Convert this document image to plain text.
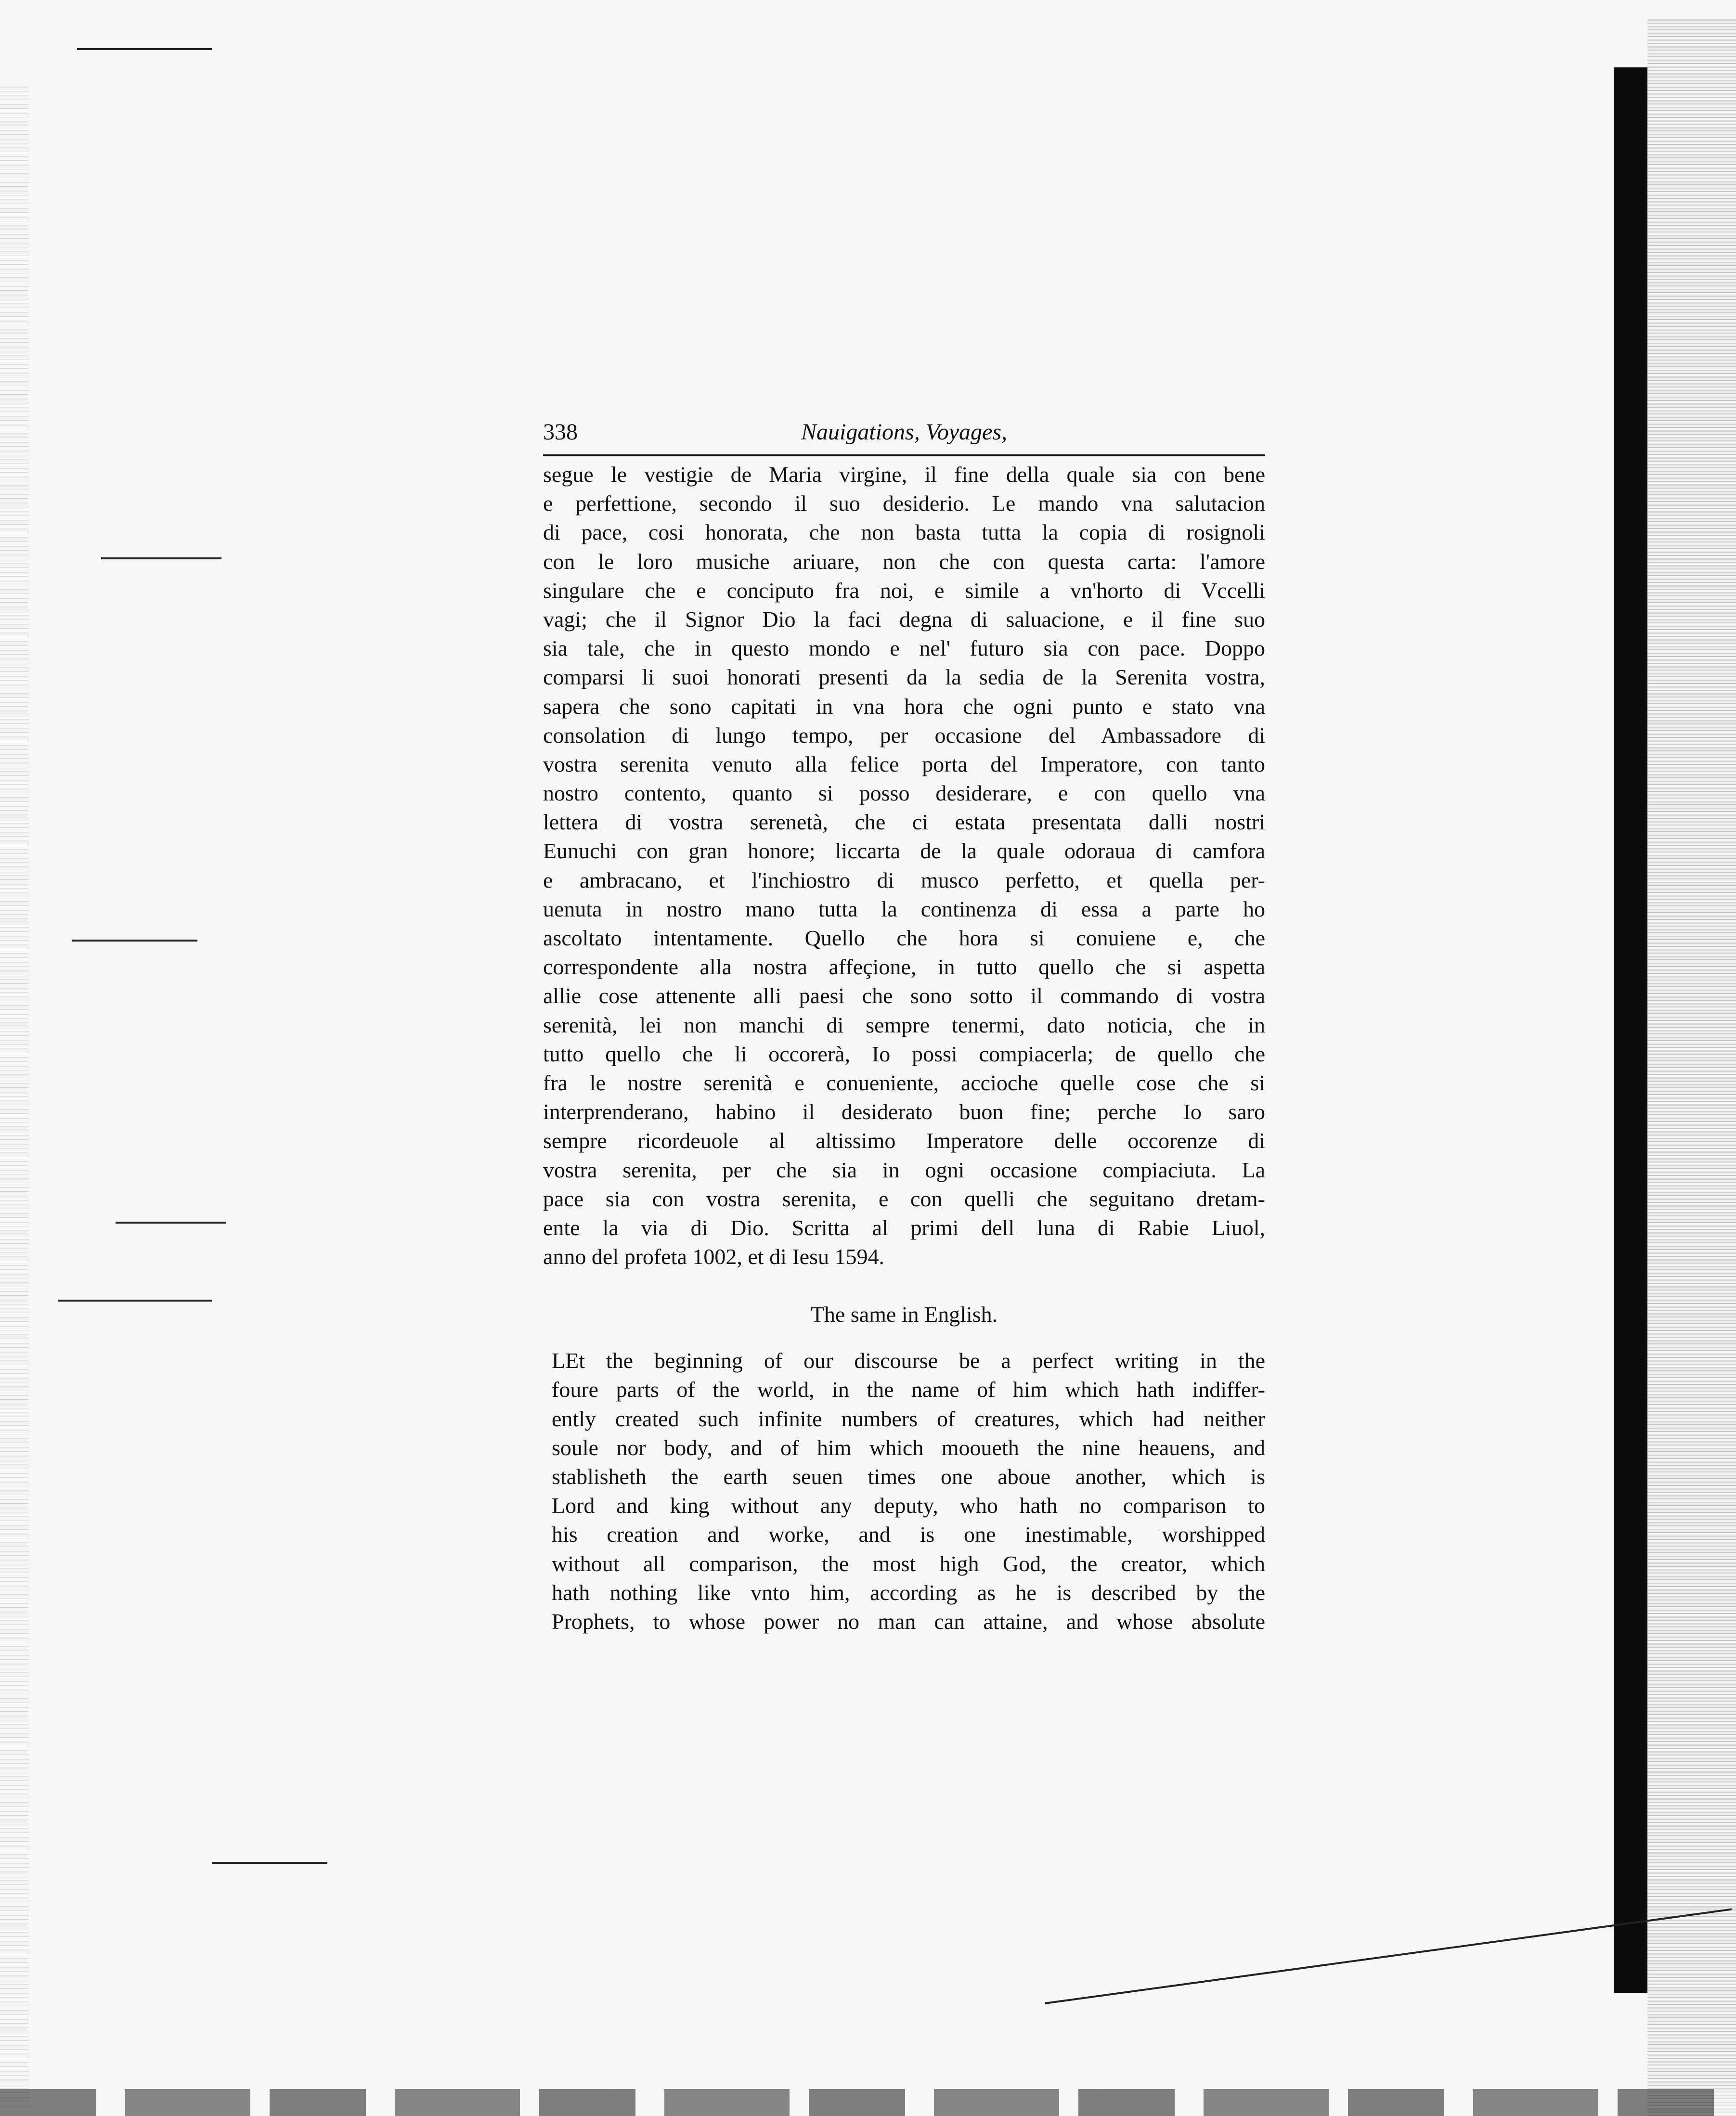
338	Nauigations, Voyages,
segue le vestigie de Maria virgine, il fine della quale sia con bene
e perfettione, secondo il suo desiderio. Le mando vna salutacion
di pace, cosi honorata, che non basta tutta la copia di rosignoli
con le loro musiche ariuare, non che con questa carta: l'amore
singulare che e conciputo fra noi, e simile a vn'horto di Vccelli
vagi; che il Signor Dio la faci degna di saluacione, e il fine suo
sia tale, che in questo mondo e nel' futuro sia con pace. Doppo
comparsi li suoi honorati presenti da la sedia de la Serenita vostra,
sapera che sono capitati in vna hora che ogni punto e stato vna
consolation di lungo tempo, per occasione del Ambassadore di
vostra serenita venuto alla felice porta del Imperatore, con tanto
nostro contento, quanto si posso desiderare, e con quello vna
lettera di vostra serenetà, che ci estata presentata dalli nostri
Eunuchi con gran honore; liccarta de la quale odoraua di camfora
e ambracano, et l'inchiostro di musco perfetto, et quella per-
uenuta in nostro mano tutta la continenza di essa a parte ho
ascoltato intentamente. Quello che hora si conuiene e, che
correspondente alla nostra affeçione, in tutto quello che si aspetta
allie cose attenente alli paesi che sono sotto il commando di vostra
serenità, lei non manchi di sempre tenermi, dato noticia, che in
tutto quello che li occorerà, Io possi compiacerla; de quello che
fra le nostre serenità e conueniente, accioche quelle cose che si
interprenderano, habino il desiderato buon fine; perche Io saro
sempre ricordeuole al altissimo Imperatore delle occorenze di
vostra serenita, per che sia in ogni occasione compiaciuta. La
pace sia con vostra serenita, e con quelli che seguitano dretam-
ente la via di Dio. Scritta al primi dell luna di Rabie Liuol,
anno del profeta 1002, et di Iesu 1594.
The same in English.
LEt the beginning of our discourse be a perfect writing in the
foure parts of the world, in the name of him which hath indiffer-
ently created such infinite numbers of creatures, which had neither
soule nor body, and of him which mooueth the nine heauens, and
stablisheth the earth seuen times one aboue another, which is
Lord and king without any deputy, who hath no comparison to
his creation and worke, and is one inestimable, worshipped
without all comparison, the most high God, the creator, which
hath nothing like vnto him, according as he is described by the
Prophets, to whose power no man can attaine, and whose absolute
